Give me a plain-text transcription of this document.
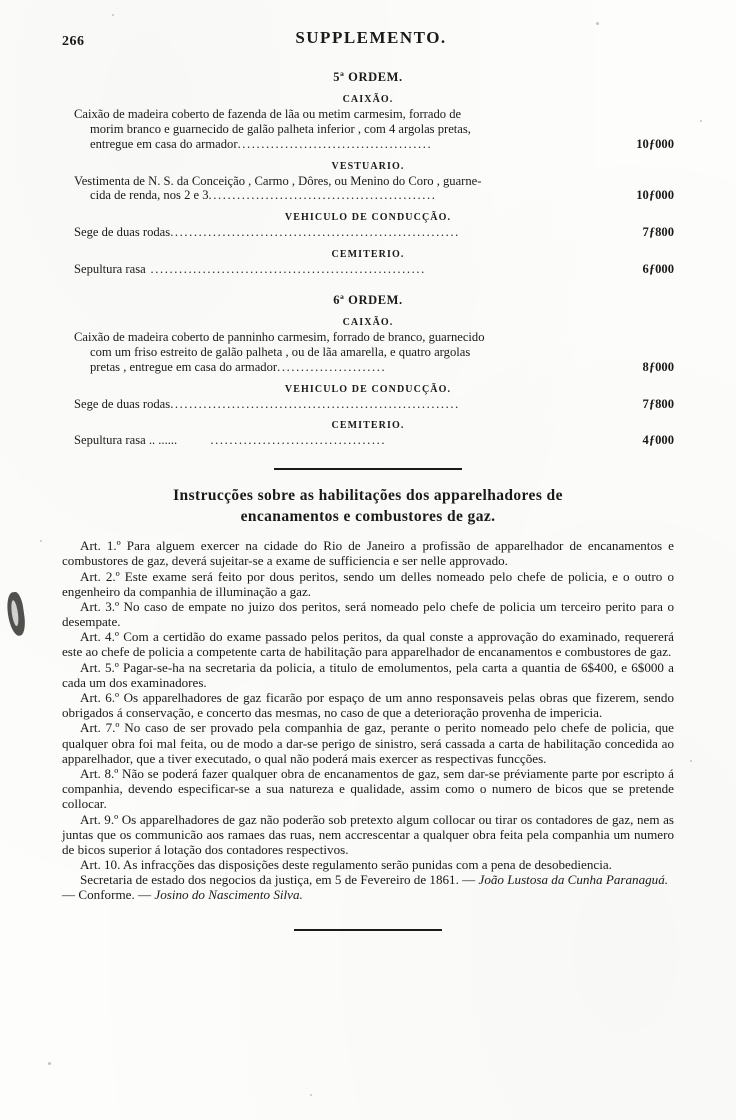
266	SUPPLEMENTO.
5ª ORDEM.
CAIXÃO.
Caixão de madeira coberto de fazenda de lãa ou metim carmesim, forrado de
morim branco e guarnecido de galão palheta inferior , com 4 argolas pretas,
entregue em casa do armador.........................................	10ƒ000
VESTUARIO.
Vestimenta de N. S. da Conceição , Carmo , Dôres, ou Menino do Coro , guarne-
cida de renda, nos 2 e 3................................................	10ƒ000
VEHICULO DE CONDUCÇÃO.
Sege de duas rodas.............................................................	7ƒ800
CEMITERIO.
Sepultura rasa ..........................................................	6ƒ000
6ª ORDEM.
CAIXÃO.
Caixão de madeira coberto de panninho carmesim, forrado de branco, guarnecido
com um friso estreito de galão palheta , ou de lãa amarella, e quatro argolas
pretas , entregue em casa do armador.......................	8ƒ000
VEHICULO DE CONDUCÇÃO.
Sege de duas rodas.............................................................	7ƒ800
CEMITERIO.
Sepultura rasa .. ......       .....................................	4ƒ000
Instrucções sobre as habilitações dos apparelhadores de
encanamentos e combustores de gaz.

Art. 1.º Para alguem exercer na cidade do Rio de Janeiro a profissão de apparelhador de encanamentos e combustores de gaz, deverá sujeitar-se a exame de sufficiencia e ser nelle approvado.

Art. 2.º Este exame será feito por dous peritos, sendo um delles nomeado pelo chefe de policia, e o outro o engenheiro da companhia de illuminação a gaz.

Art. 3.º No caso de empate no juizo dos peritos, será nomeado pelo chefe de policia um terceiro perito para o desempate.

Art. 4.º Com a certidão do exame passado pelos peritos, da qual conste a approvação do examinado, requererá este ao chefe de policia a competente carta de habilitação para apparelhador de encanamentos e combustores de gaz.

Art. 5.º Pagar-se-ha na secretaria da policia, a titulo de emolumentos, pela carta a quantia de 6$400, e 6$000 a cada um dos examinadores.

Art. 6.º Os apparelhadores de gaz ficarão por espaço de um anno responsaveis pelas obras que fizerem, sendo obrigados á conservação, e concerto das mesmas, no caso de que a deterioração provenha de impericia.

Art. 7.º No caso de ser provado pela companhia de gaz, perante o perito nomeado pelo chefe de policia, que qualquer obra foi mal feita, ou de modo a dar-se perigo de sinistro, será cassada a carta de habilitação concedida ao apparelhador, que a tiver executado, o qual não poderá mais exercer as respectivas funcções.

Art. 8.º Não se poderá fazer qualquer obra de encanamentos de gaz, sem dar-se préviamente parte por escripto á companhia, devendo especificar-se a sua natureza e qualidade, assim como o numero de bicos que se pretende collocar.

Art. 9.º Os apparelhadores de gaz não poderão sob pretexto algum collocar ou tirar os contadores de gaz, nem as juntas que os communicão aos ramaes das ruas, nem accrescentar a qualquer obra feita pela companhia um numero de bicos superior á lotação dos contadores respectivos.

Art. 10. As infracções das disposições deste regulamento serão punidas com a pena de desobediencia.

Secretaria de estado dos negocios da justiça, em 5 de Fevereiro de 1861. — João Lustosa da Cunha Paranaguá.

— Conforme. — Josino do Nascimento Silva.
